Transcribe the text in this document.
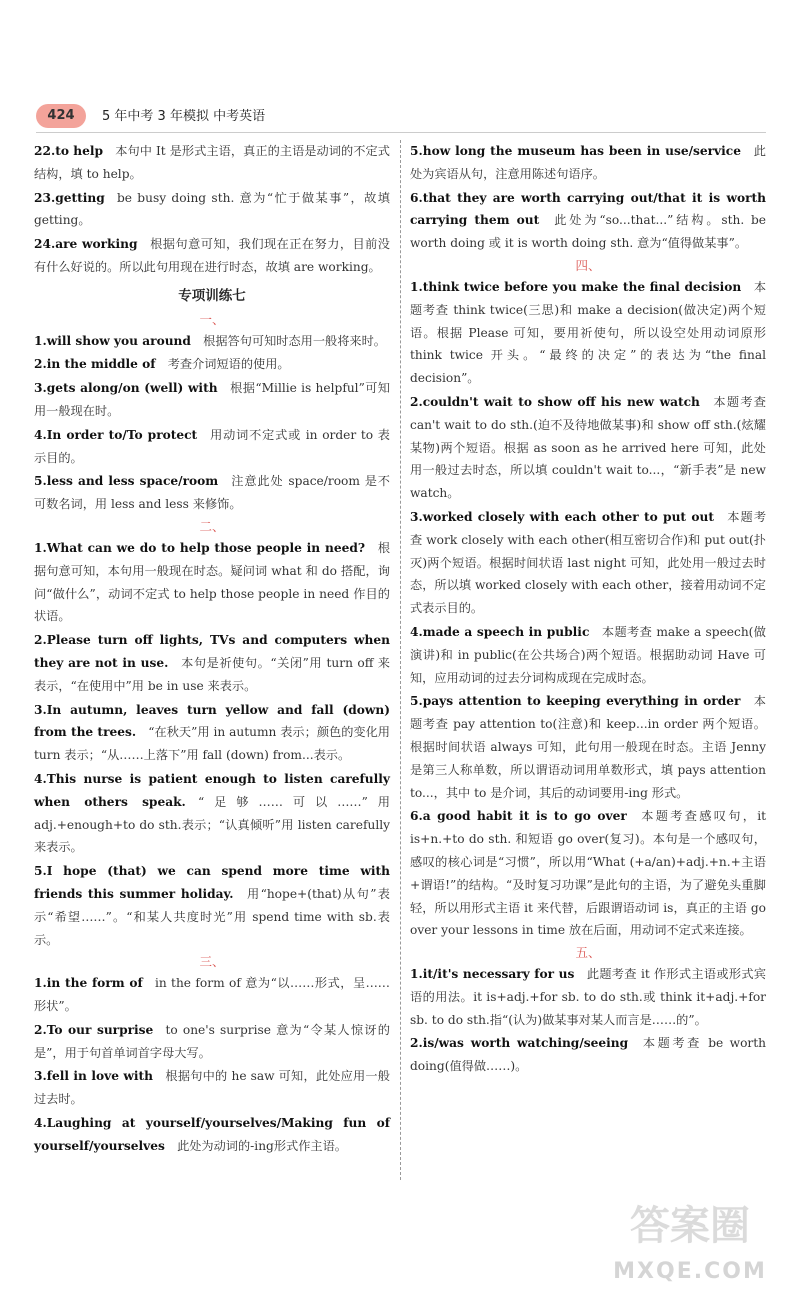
424	5 年中考 3 年模拟 中考英语
22.to help  本句中 It 是形式主语，真正的主语是动词的不定式结构，填 to help。
23.getting  be busy doing sth. 意为“忙于做某事”，故填 getting。
24.are working  根据句意可知，我们现在正在努力，目前没有什么好说的。所以此句用现在进行时态，故填 are working。
专项训练七
一、
1.will show you around  根据答句可知时态用一般将来时。
2.in the middle of  考查介词短语的使用。
3.gets along/on (well) with  根据“Millie is helpful”可知用一般现在时。
4.In order to/To protect  用动词不定式或 in order to 表示目的。
5.less and less space/room  注意此处 space/room 是不可数名词，用 less and less 来修饰。
二、
1.What can we do to help those people in need?  根据句意可知，本句用一般现在时态。疑问词 what 和 do 搭配，询问“做什么”，动词不定式 to help those people in need 作目的状语。
2.Please turn off lights, TVs and computers when they are not in use.  本句是祈使句。“关闭”用 turn off 来表示，“在使用中”用 be in use 来表示。
3.In autumn, leaves turn yellow and fall (down) from the trees.  “在秋天”用 in autumn 表示；颜色的变化用 turn 表示；“从……上落下”用 fall (down) from...表示。
4.This nurse is patient enough to listen carefully when others speak.  “足够……可以……”用 adj.+enough+to do sth.表示；“认真倾听”用 listen carefully 来表示。
5.I hope (that) we can spend more time with friends this summer holiday.  用“hope+(that)从句”表示“希望……”。“和某人共度时光”用 spend time with sb.表示。
三、
1.in the form of  in the form of 意为“以……形式，呈……形状”。
2.To our surprise  to one's surprise 意为“令某人惊讶的是”，用于句首单词首字母大写。
3.fell in love with  根据句中的 he saw 可知，此处应用一般过去时。
4.Laughing at yourself/yourselves/Making fun of yourself/yourselves  此处为动词的-ing形式作主语。
5.how long the museum has been in use/service  此处为宾语从句，注意用陈述句语序。
6.that they are worth carrying out/that it is worth carrying them out  此处为“so...that...”结构。sth. be worth doing 或 it is worth doing sth. 意为“值得做某事”。
四、
1.think twice before you make the final decision  本题考查 think twice(三思)和 make a decision(做决定)两个短语。根据 Please 可知，要用祈使句，所以设空处用动词原形 think twice 开头。“最终的决定”的表达为“the final decision”。
2.couldn't wait to show off his new watch  本题考查 can't wait to do sth.(迫不及待地做某事)和 show off sth.(炫耀某物)两个短语。根据 as soon as he arrived here 可知，此处用一般过去时态，所以填 couldn't wait to...，“新手表”是 new watch。
3.worked closely with each other to put out  本题考查 work closely with each other(相互密切合作)和 put out(扑灭)两个短语。根据时间状语 last night 可知，此处用一般过去时态，所以填 worked closely with each other，接着用动词不定式表示目的。
4.made a speech in public  本题考查 make a speech(做演讲)和 in public(在公共场合)两个短语。根据助动词 Have 可知，应用动词的过去分词构成现在完成时态。
5.pays attention to keeping everything in order  本题考查 pay attention to(注意)和 keep...in order 两个短语。根据时间状语 always 可知，此句用一般现在时态。主语 Jenny 是第三人称单数，所以谓语动词用单数形式，填 pays attention to...，其中 to 是介词，其后的动词要用-ing 形式。
6.a good habit it is to go over  本题考查感叹句，it is+n.+to do sth. 和短语 go over(复习)。本句是一个感叹句，感叹的核心词是“习惯”，所以用“What (+a/an)+adj.+n.+主语+谓语!”的结构。“及时复习功课”是此句的主语，为了避免头重脚轻，所以用形式主语 it 来代替，后跟谓语动词 is，真正的主语 go over your lessons in time 放在后面，用动词不定式来连接。
五、
1.it/it's necessary for us  此题考查 it 作形式主语或形式宾语的用法。it is+adj.+for sb. to do sth.或 think it+adj.+for sb. to do sth.指“(认为)做某事对某人而言是……的”。
2.is/was worth watching/seeing  本题考查 be worth doing(值得做……)。
答案圈
MXQE.COM
